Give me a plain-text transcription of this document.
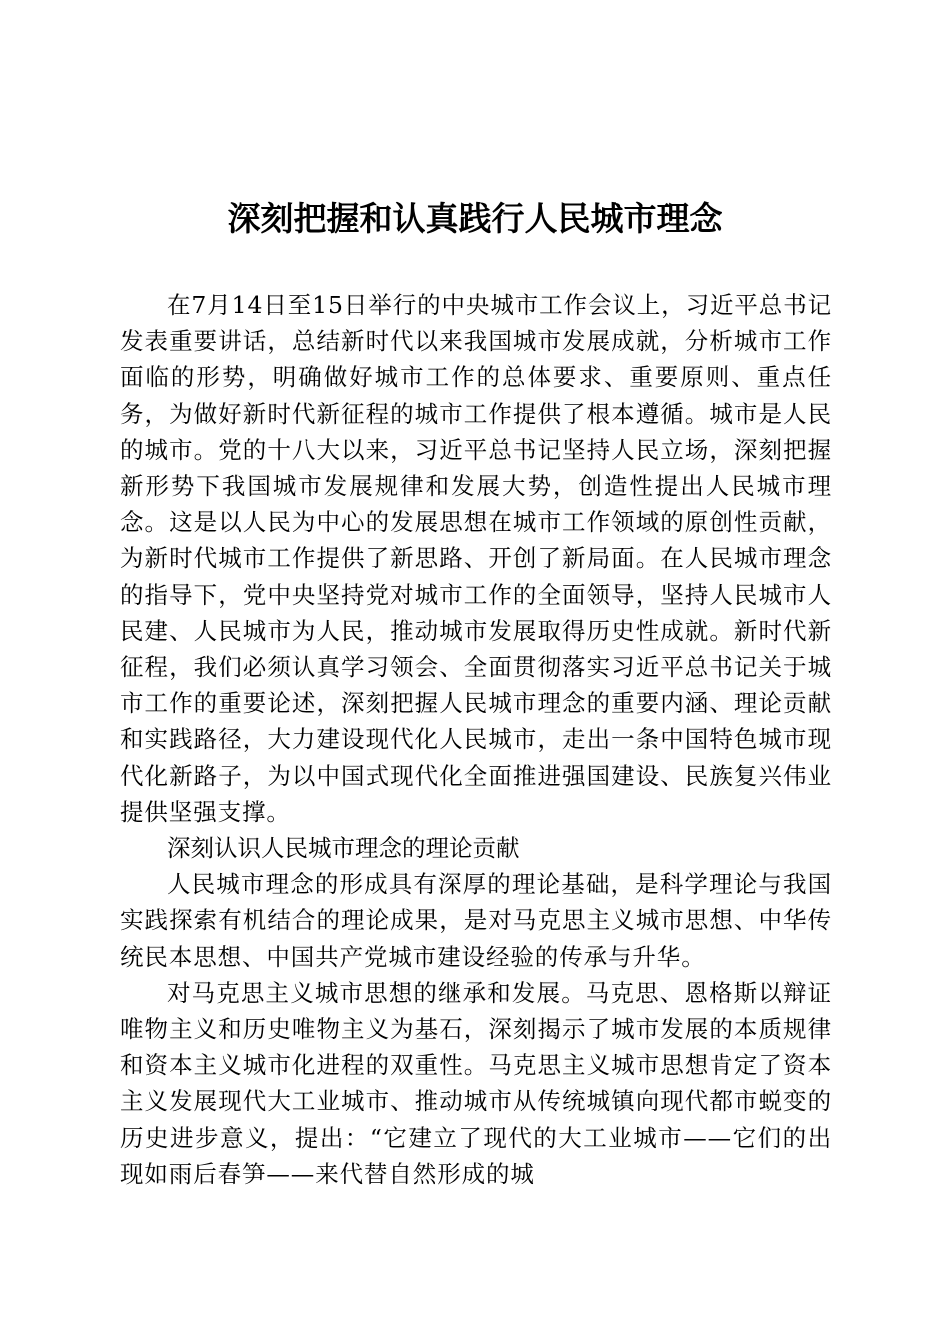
深刻把握和认真践行人民城市理念

在7月14日至15日举行的中央城市工作会议上，习近平总书记发表重要讲话，总结新时代以来我国城市发展成就，分析城市工作面临的形势，明确做好城市工作的总体要求、重要原则、重点任务，为做好新时代新征程的城市工作提供了根本遵循。城市是人民的城市。党的十八大以来，习近平总书记坚持人民立场，深刻把握新形势下我国城市发展规律和发展大势，创造性提出人民城市理念。这是以人民为中心的发展思想在城市工作领域的原创性贡献，为新时代城市工作提供了新思路、开创了新局面。在人民城市理念的指导下，党中央坚持党对城市工作的全面领导，坚持人民城市人民建、人民城市为人民，推动城市发展取得历史性成就。新时代新征程，我们必须认真学习领会、全面贯彻落实习近平总书记关于城市工作的重要论述，深刻把握人民城市理念的重要内涵、理论贡献和实践路径，大力建设现代化人民城市，走出一条中国特色城市现代化新路子，为以中国式现代化全面推进强国建设、民族复兴伟业提供坚强支撑。

深刻认识人民城市理念的理论贡献

人民城市理念的形成具有深厚的理论基础，是科学理论与我国实践探索有机结合的理论成果，是对马克思主义城市思想、中华传统民本思想、中国共产党城市建设经验的传承与升华。

对马克思主义城市思想的继承和发展。马克思、恩格斯以辩证唯物主义和历史唯物主义为基石，深刻揭示了城市发展的本质规律和资本主义城市化进程的双重性。马克思主义城市思想肯定了资本主义发展现代大工业城市、推动城市从传统城镇向现代都市蜕变的历史进步意义，提出：“它建立了现代的大工业城市——它们的出现如雨后春笋——来代替自然形成的城
